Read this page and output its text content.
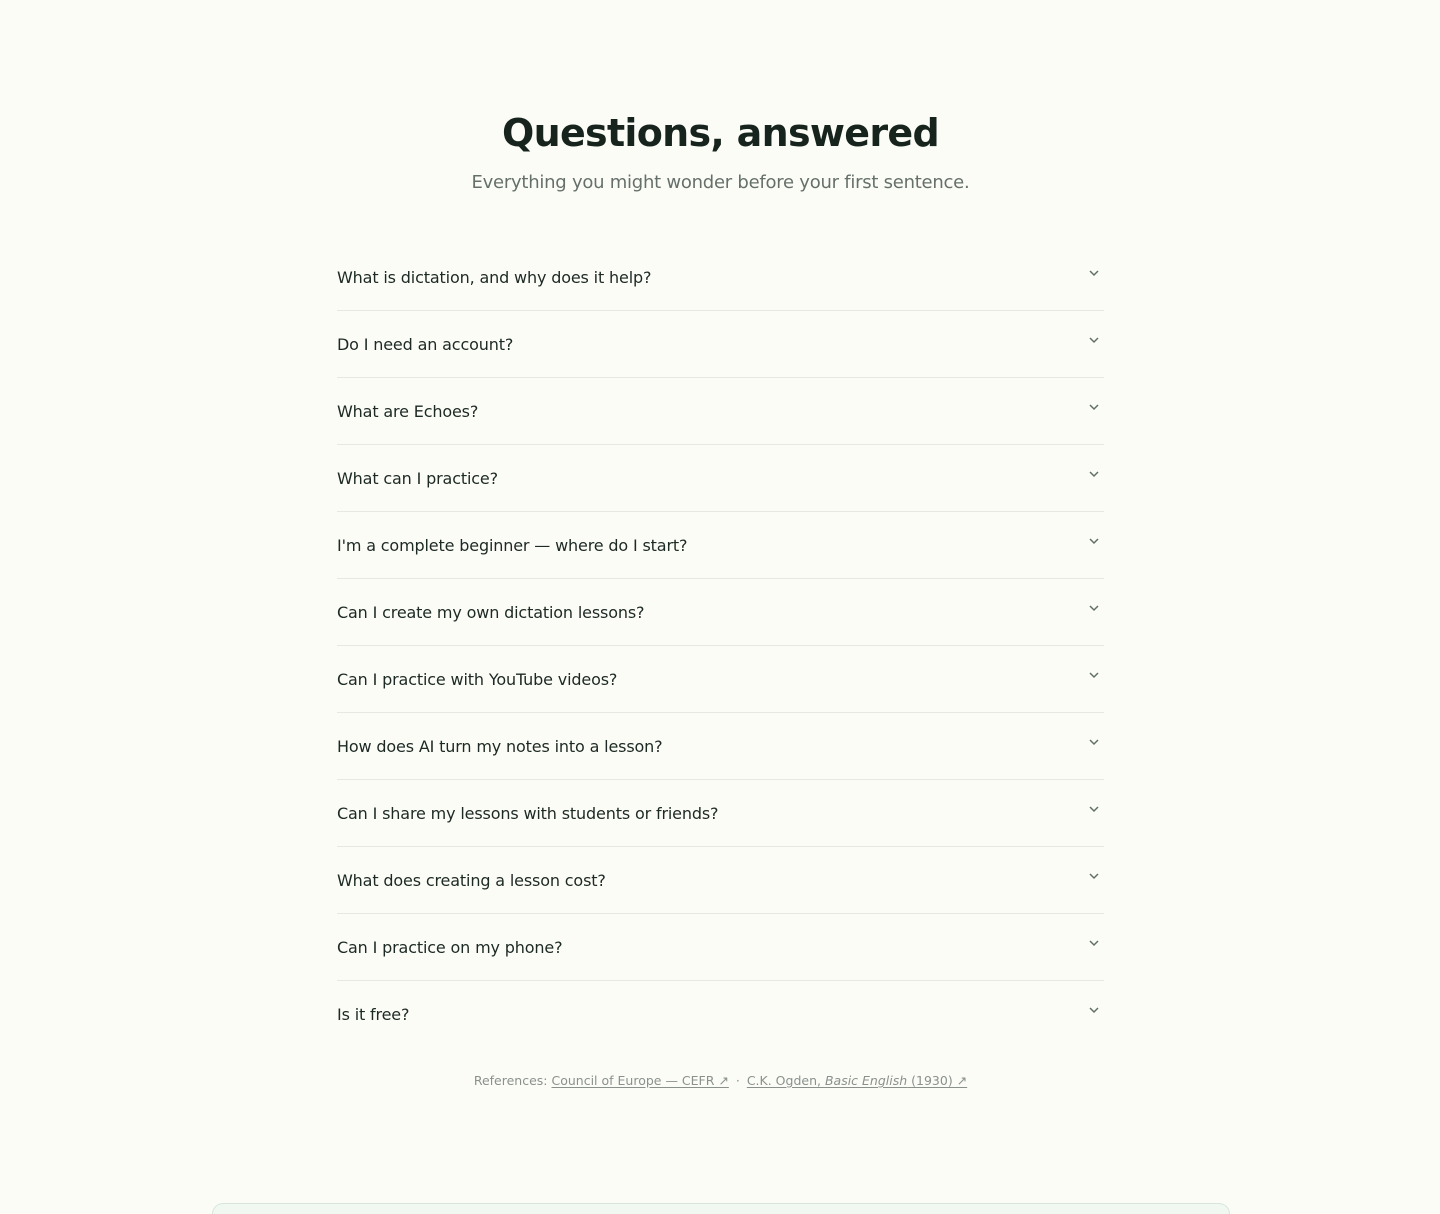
Questions, answered

Everything you might wonder before your first sentence.

What is dictation, and why does it help?
Do I need an account?
What are Echoes?
What can I practice?
I'm a complete beginner — where do I start?
Can I create my own dictation lessons?
Can I practice with YouTube videos?
How does AI turn my notes into a lesson?
Can I share my lessons with students or friends?
What does creating a lesson cost?
Can I practice on my phone?
Is it free?
References: Council of Europe — CEFR ↗ · C.K. Ogden, Basic English (1930) ↗
